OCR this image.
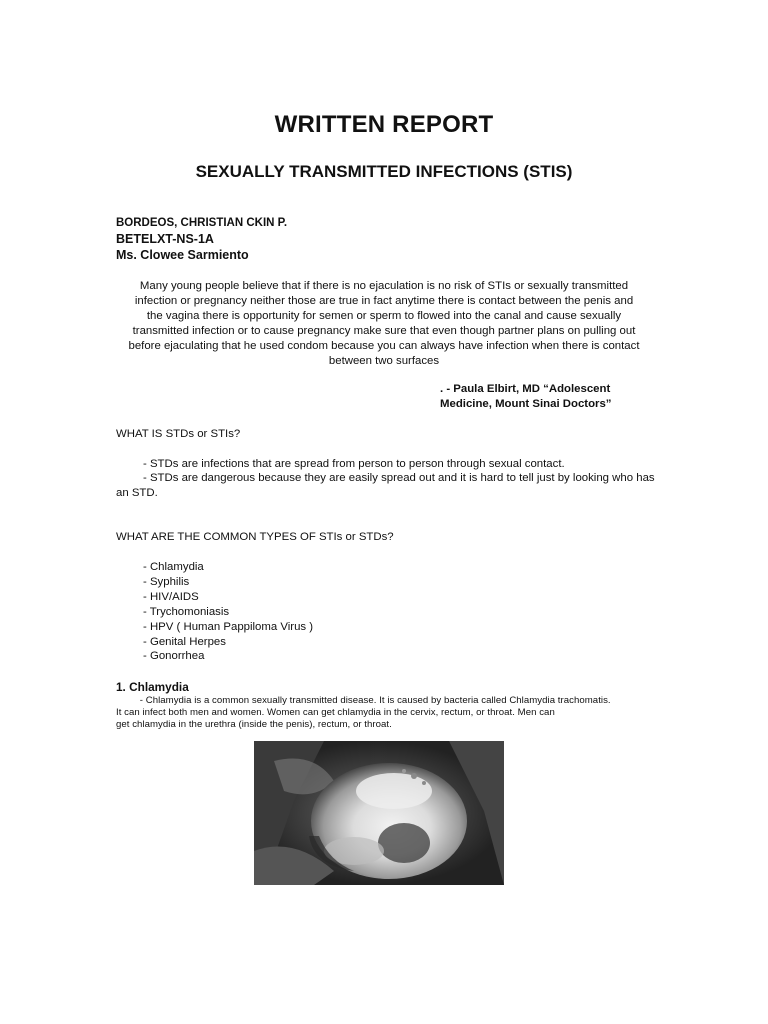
WRITTEN REPORT
SEXUALLY TRANSMITTED INFECTIONS (STIS)
BORDEOS, CHRISTIAN CKIN P.
BETELXT-NS-1A
Ms. Clowee Sarmiento
Many young people believe that if there is no ejaculation is no risk of STIs or sexually transmitted
infection or pregnancy neither those are true in fact anytime there is contact between the penis and
the vagina there is opportunity for semen or sperm to flowed into the canal and cause sexually
transmitted infection or to cause pregnancy make sure that even though partner plans on pulling out
before ejaculating that he used condom because you can always have infection when there is contact
between two surfaces
. - Paula Elbirt, MD “Adolescent
Medicine, Mount Sinai Doctors”
WHAT IS STDs or STIs?
- STDs are infections that are spread from person to person through sexual contact.
- STDs are dangerous because they are easily spread out and it is hard to tell just by looking who has an STD.
WHAT ARE THE COMMON TYPES OF STIs or STDs?
- Chlamydia
- Syphilis
- HIV/AIDS
- Trychomoniasis
- HPV ( Human Pappiloma Virus )
- Genital Herpes
- Gonorrhea
1. Chlamydia
- Chlamydia is a common sexually transmitted disease. It is caused by bacteria called Chlamydia trachomatis.
It can infect both men and women. Women can get chlamydia in the cervix, rectum, or throat. Men can
get chlamydia in the urethra (inside the penis), rectum, or throat.
